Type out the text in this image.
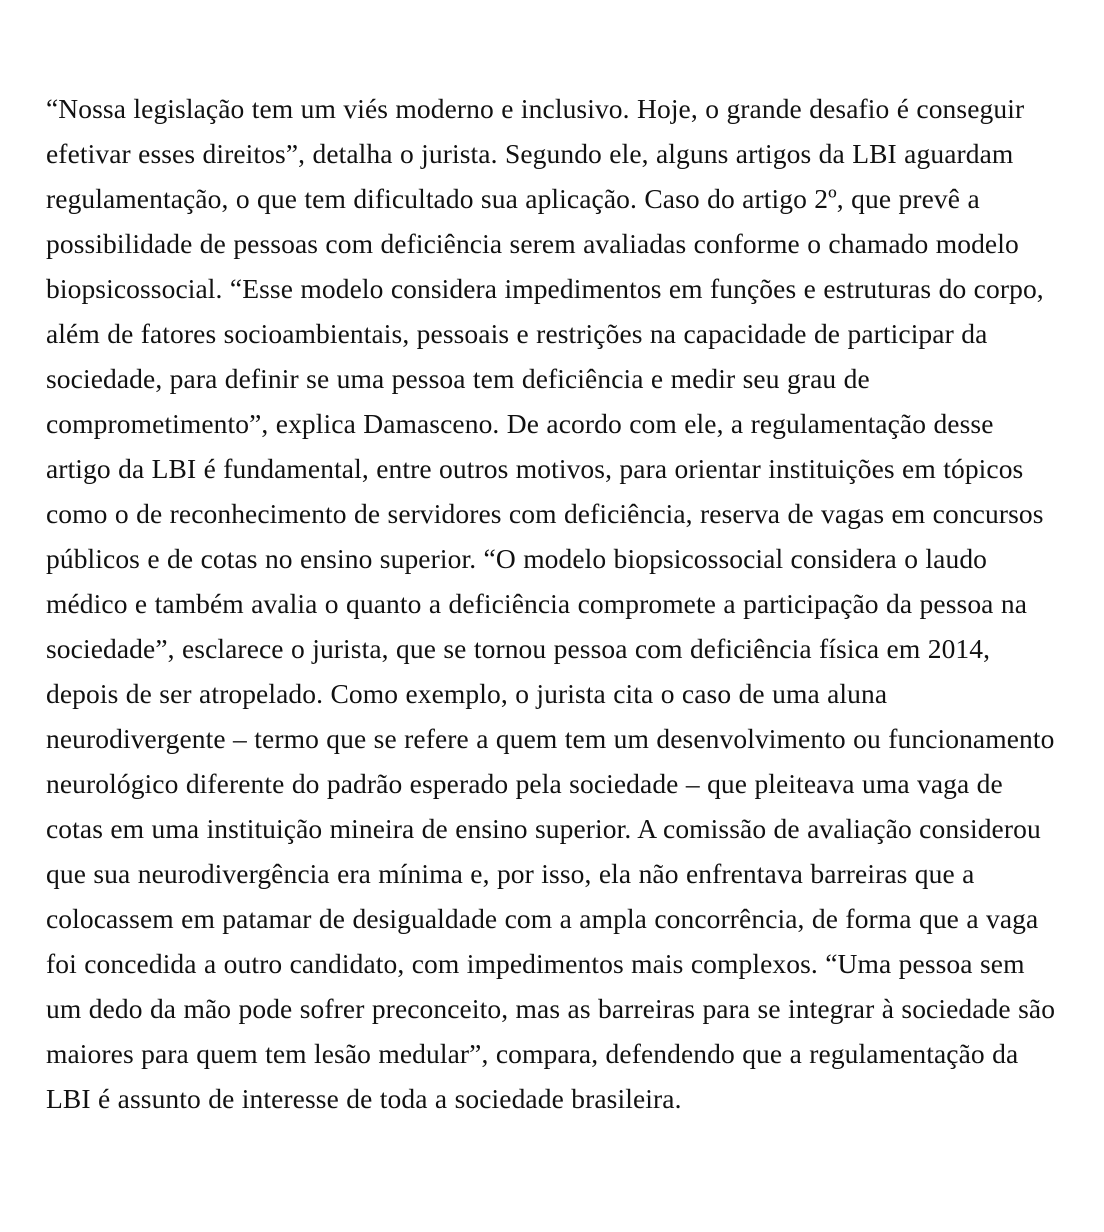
“Nossa legislação tem um viés moderno e inclusivo. Hoje, o grande desafio é conseguir efetivar esses direitos”, detalha o jurista. Segundo ele, alguns artigos da LBI aguardam regulamentação, o que tem dificultado sua aplicação. Caso do artigo 2º, que prevê a possibilidade de pessoas com deficiência serem avaliadas conforme o chamado modelo biopsicossocial. “Esse modelo considera impedimentos em funções e estruturas do corpo, além de fatores socioambientais, pessoais e restrições na capacidade de participar da sociedade, para definir se uma pessoa tem deficiência e medir seu grau de comprometimento”, explica Damasceno. De acordo com ele, a regulamentação desse artigo da LBI é fundamental, entre outros motivos, para orientar instituições em tópicos como o de reconhecimento de servidores com deficiência, reserva de vagas em concursos públicos e de cotas no ensino superior. “O modelo biopsicossocial considera o laudo médico e também avalia o quanto a deficiência compromete a participação da pessoa na sociedade”, esclarece o jurista, que se tornou pessoa com deficiência física em 2014, depois de ser atropelado. Como exemplo, o jurista cita o caso de uma aluna neurodivergente – termo que se refere a quem tem um desenvolvimento ou funcionamento neurológico diferente do padrão esperado pela sociedade – que pleiteava uma vaga de cotas em uma instituição mineira de ensino superior. A comissão de avaliação considerou que sua neurodivergência era mínima e, por isso, ela não enfrentava barreiras que a colocassem em patamar de desigualdade com a ampla concorrência, de forma que a vaga foi concedida a outro candidato, com impedimentos mais complexos. “Uma pessoa sem um dedo da mão pode sofrer preconceito, mas as barreiras para se integrar à sociedade são maiores para quem tem lesão medular”, compara, defendendo que a regulamentação da LBI é assunto de interesse de toda a sociedade brasileira.
